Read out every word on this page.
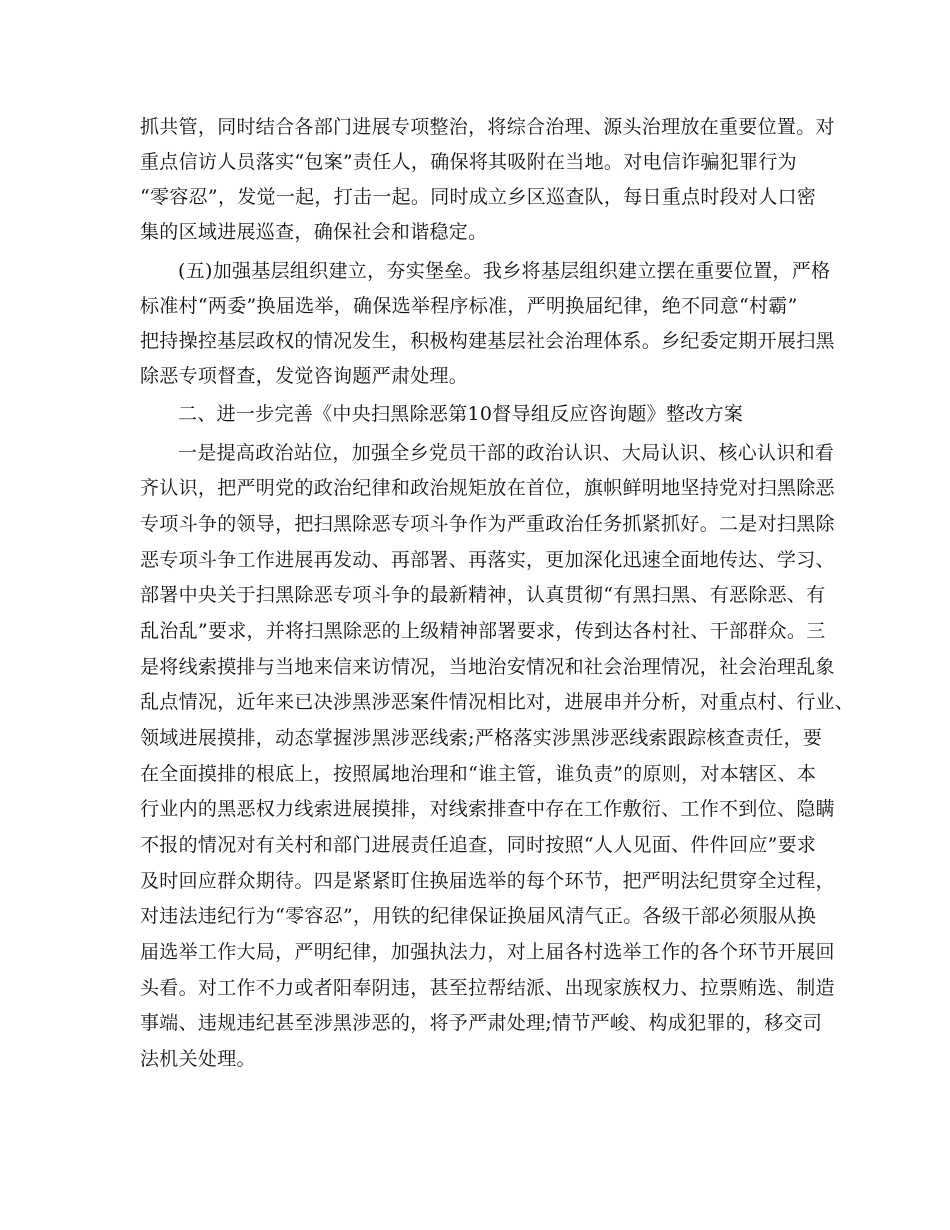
抓共管，同时结合各部门进展专项整治，将综合治理、源头治理放在重要位置。对

重点信访人员落实“包案”责任人，确保将其吸附在当地。对电信诈骗犯罪行为

“零容忍”，发觉一起，打击一起。同时成立乡区巡查队，每日重点时段对人口密

集的区域进展巡查，确保社会和谐稳定。

(五)加强基层组织建立，夯实堡垒。我乡将基层组织建立摆在重要位置，严格

标准村“两委”换届选举，确保选举程序标准，严明换届纪律，绝不同意“村霸”

把持操控基层政权的情况发生，积极构建基层社会治理体系。乡纪委定期开展扫黑

除恶专项督查，发觉咨询题严肃处理。

二、进一步完善《中央扫黑除恶第10督导组反应咨询题》整改方案

一是提高政治站位，加强全乡党员干部的政治认识、大局认识、核心认识和看

齐认识，把严明党的政治纪律和政治规矩放在首位，旗帜鲜明地坚持党对扫黑除恶

专项斗争的领导，把扫黑除恶专项斗争作为严重政治任务抓紧抓好。二是对扫黑除

恶专项斗争工作进展再发动、再部署、再落实，更加深化迅速全面地传达、学习、

部署中央关于扫黑除恶专项斗争的最新精神，认真贯彻“有黑扫黑、有恶除恶、有

乱治乱”要求，并将扫黑除恶的上级精神部署要求，传到达各村社、干部群众。三

是将线索摸排与当地来信来访情况，当地治安情况和社会治理情况，社会治理乱象

乱点情况，近年来已决涉黑涉恶案件情况相比对，进展串并分析，对重点村、行业、

领域进展摸排，动态掌握涉黑涉恶线索;严格落实涉黑涉恶线索跟踪核查责任，要

在全面摸排的根底上，按照属地治理和“谁主管，谁负责”的原则，对本辖区、本

行业内的黑恶权力线索进展摸排，对线索排查中存在工作敷衍、工作不到位、隐瞒

不报的情况对有关村和部门进展责任追查，同时按照“人人见面、件件回应”要求

及时回应群众期待。四是紧紧盯住换届选举的每个环节，把严明法纪贯穿全过程，

对违法违纪行为“零容忍”，用铁的纪律保证换届风清气正。各级干部必须服从换

届选举工作大局，严明纪律，加强执法力，对上届各村选举工作的各个环节开展回

头看。对工作不力或者阳奉阴违，甚至拉帮结派、出现家族权力、拉票贿选、制造

事端、违规违纪甚至涉黑涉恶的，将予严肃处理;情节严峻、构成犯罪的，移交司

法机关处理。
